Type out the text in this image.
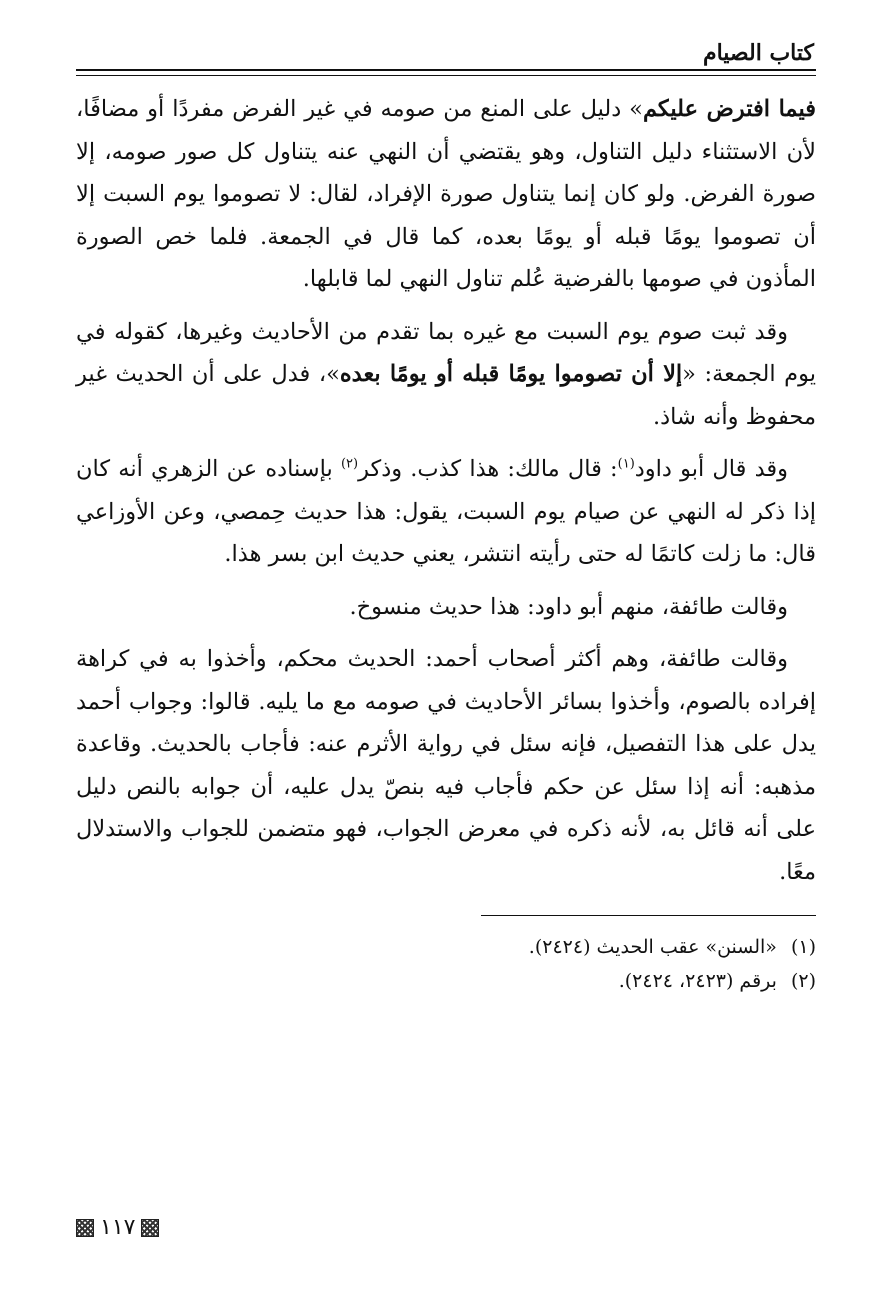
كتاب الصيام

فيما افترض عليكم» دليل على المنع من صومه في غير الفرض مفردًا أو مضافًا، لأن الاستثناء دليل التناول، وهو يقتضي أن النهي عنه يتناول كل صور صومه، إلا صورة الفرض. ولو كان إنما يتناول صورة الإفراد، لقال: لا تصوموا يوم السبت إلا أن تصوموا يومًا قبله أو يومًا بعده، كما قال في الجمعة. فلما خص الصورة المأذون في صومها بالفرضية عُلم تناول النهي لما قابلها.

وقد ثبت صوم يوم السبت مع غيره بما تقدم من الأحاديث وغيرها، كقوله في يوم الجمعة: «إلا أن تصوموا يومًا قبله أو يومًا بعده»، فدل على أن الحديث غير محفوظ وأنه شاذ.

وقد قال أبو داود$^{(١)}$: قال مالك: هذا كذب. وذكر$^{(٢)}$ بإسناده عن الزهري أنه كان إذا ذكر له النهي عن صيام يوم السبت، يقول: هذا حديث حِمصي، وعن الأوزاعي قال: ما زلت كاتمًا له حتى رأيته انتشر، يعني حديث ابن بسر هذا.

وقالت طائفة، منهم أبو داود: هذا حديث منسوخ.

وقالت طائفة، وهم أكثر أصحاب أحمد: الحديث محكم، وأخذوا به في كراهة إفراده بالصوم، وأخذوا بسائر الأحاديث في صومه مع ما يليه. قالوا: وجواب أحمد يدل على هذا التفصيل، فإنه سئل في رواية الأثرم عنه: فأجاب بالحديث. وقاعدة مذهبه: أنه إذا سئل عن حكم فأجاب فيه بنصّ يدل عليه، أن جوابه بالنص دليل على أنه قائل به، لأنه ذكره في معرض الجواب، فهو متضمن للجواب والاستدلال معًا.

(١)
«السنن» عقب الحديث (٢٤٢٤).
(٢)
برقم (٢٤٢٣، ٢٤٢٤).
١١٧
